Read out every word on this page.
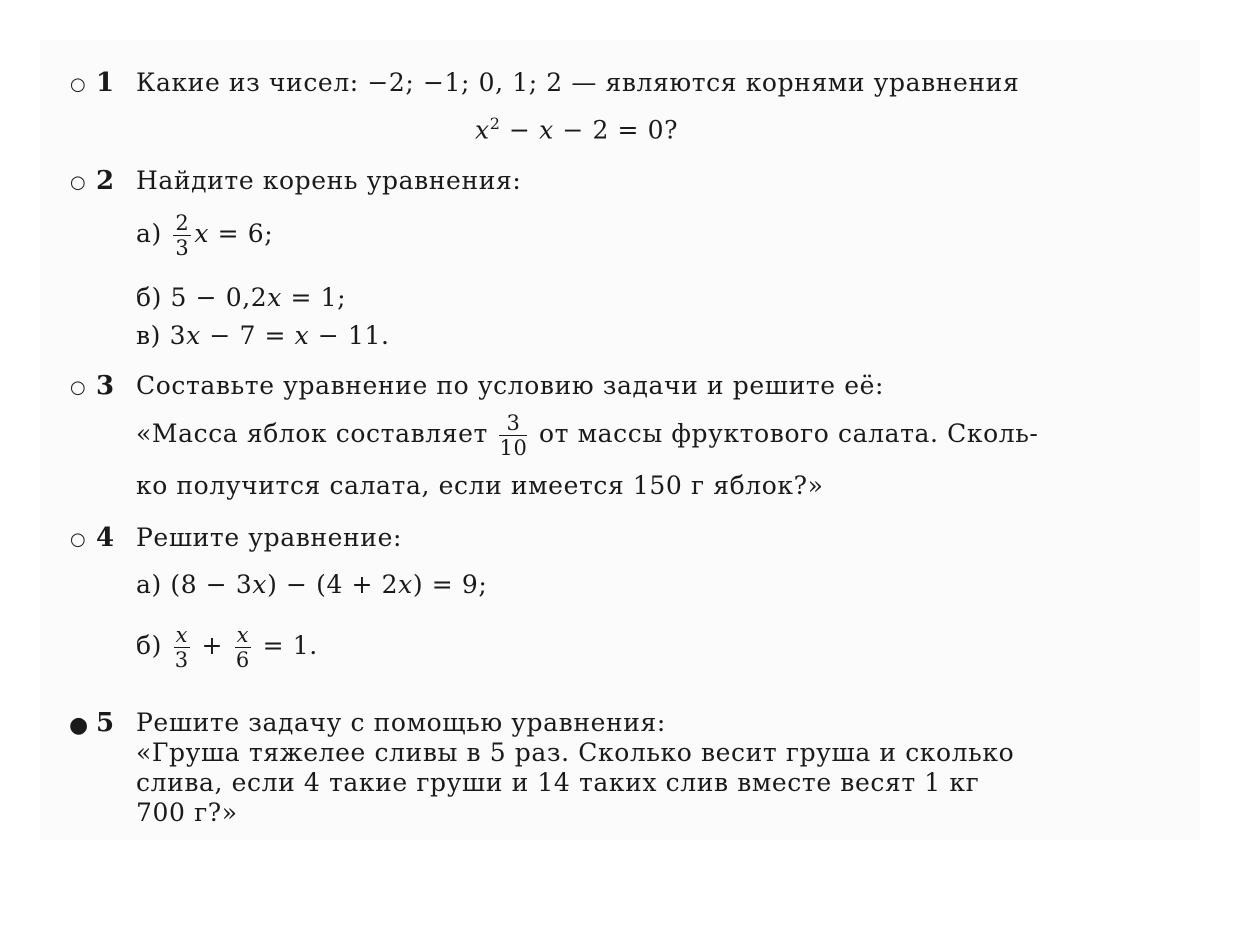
○ 1 Какие из чисел: −2; −1; 0, 1; 2 — являются корнями уравнения
$x^2 - x - 2 = 0$?
○ 2 Найдите корень уравнения:
$а) \frac{2}{3}$ x = 6;
б) 5 − 0,2x = 1;
в) 3x − 7 = x − 11.
○ 3 Составьте уравнение по условию задачи и решите её:
«Масса яблок составляет $\frac{3}{10}$ от массы фруктового салата. Сколь-
ко получится салата, если имеется 150 г яблок?»
○ 4 Решите уравнение:
а) (8 − 3x) − (4 + 2x) = 9;
$б) \frac{x}{3} + \frac{x}{6} = 1$.
● 5 Решите задачу с помощью уравнения:
«Груша тяжелее сливы в 5 раз. Сколько весит груша и сколько
слива, если 4 такие груши и 14 таких слив вместе весят 1 кг
700 г?»
